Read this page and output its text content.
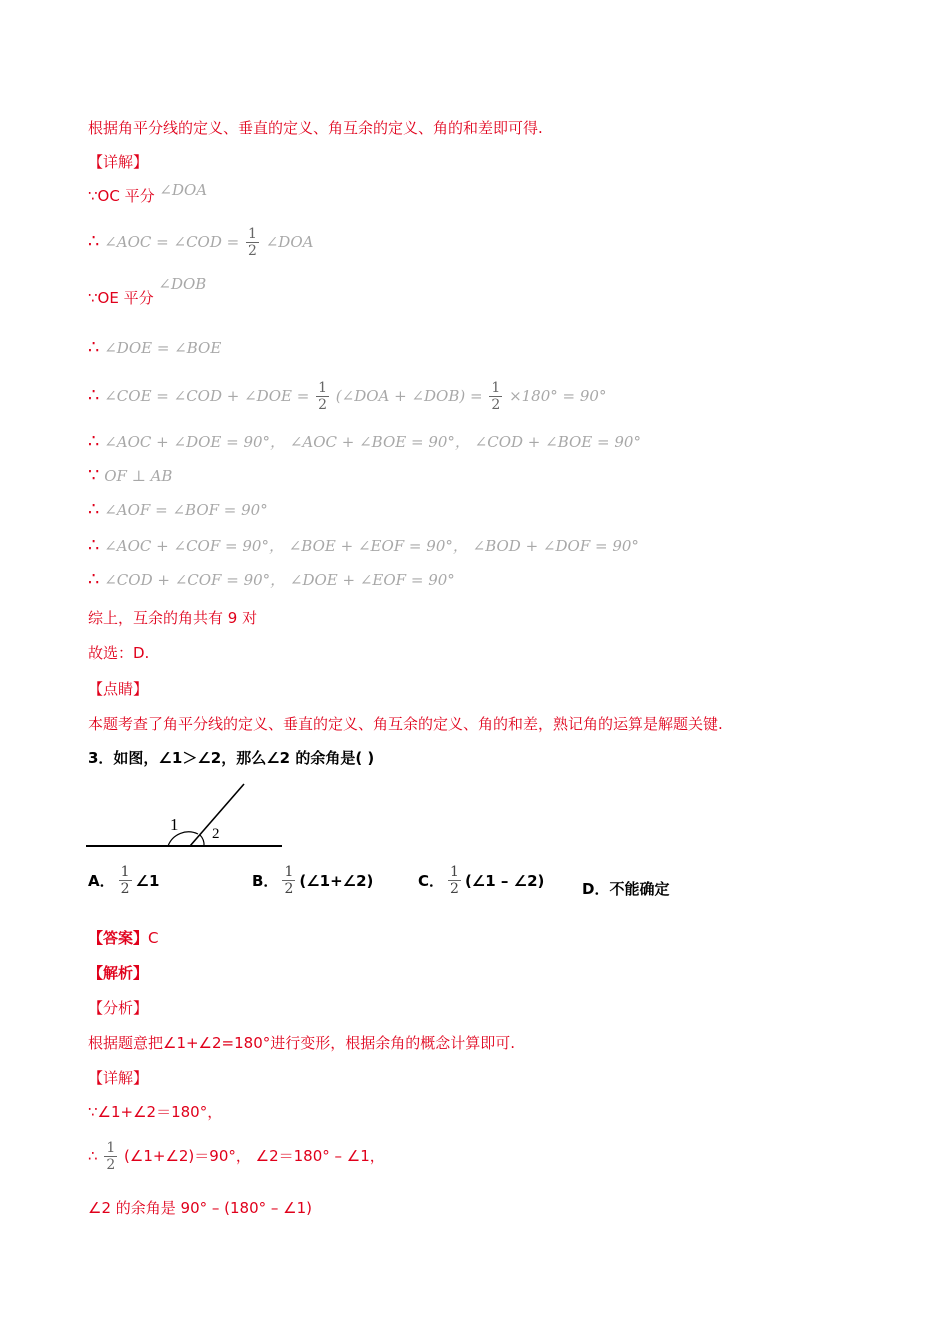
根据角平分线的定义、垂直的定义、角互余的定义、角的和差即可得.
【详解】
∵OC 平分 ∠DOA
∴ ∠AOC = ∠COD = $\frac{1}{2}$ ∠DOA
∵OE 平分 ∠DOB
∴ ∠DOE = ∠BOE
∴ ∠COE = ∠COD + ∠DOE = $\frac{1}{2}$ (∠DOA + ∠DOB) = $\frac{1}{2} \times 180^\circ = 90^\circ$
∴ ∠AOC + ∠DOE = 90°， ∠AOC + ∠BOE = 90°， ∠COD + ∠BOE = 90°
∵ OF ⊥ AB
∴ ∠AOF = ∠BOF = 90°
∴ ∠AOC + ∠COF = 90°， ∠BOE + ∠EOF = 90°， ∠BOD + ∠DOF = 90°
∴ ∠COD + ∠COF = 90°， ∠DOE + ∠EOF = 90°
综上，互余的角共有 9 对
故选：D.
【点睛】
本题考查了角平分线的定义、垂直的定义、角互余的定义、角的和差，熟记角的运算是解题关键.
3．如图，∠1＞∠2，那么∠2 的余角是( )
1 2
A． $\frac{1}{2}$ ∠1	B． $\frac{1}{2}$ (∠1+∠2)	C． $\frac{1}{2}$ (∠1 – ∠2)	D．不能确定
【答案】C
【解析】
【分析】
根据题意把∠1+∠2=180°进行变形，根据余角的概念计算即可.
【详解】
∵∠1+∠2＝180°，
∴ $\frac{1}{2}$ (∠1+∠2)＝90°， ∠2＝180° – ∠1，
∠2 的余角是 90° – (180° – ∠1)
